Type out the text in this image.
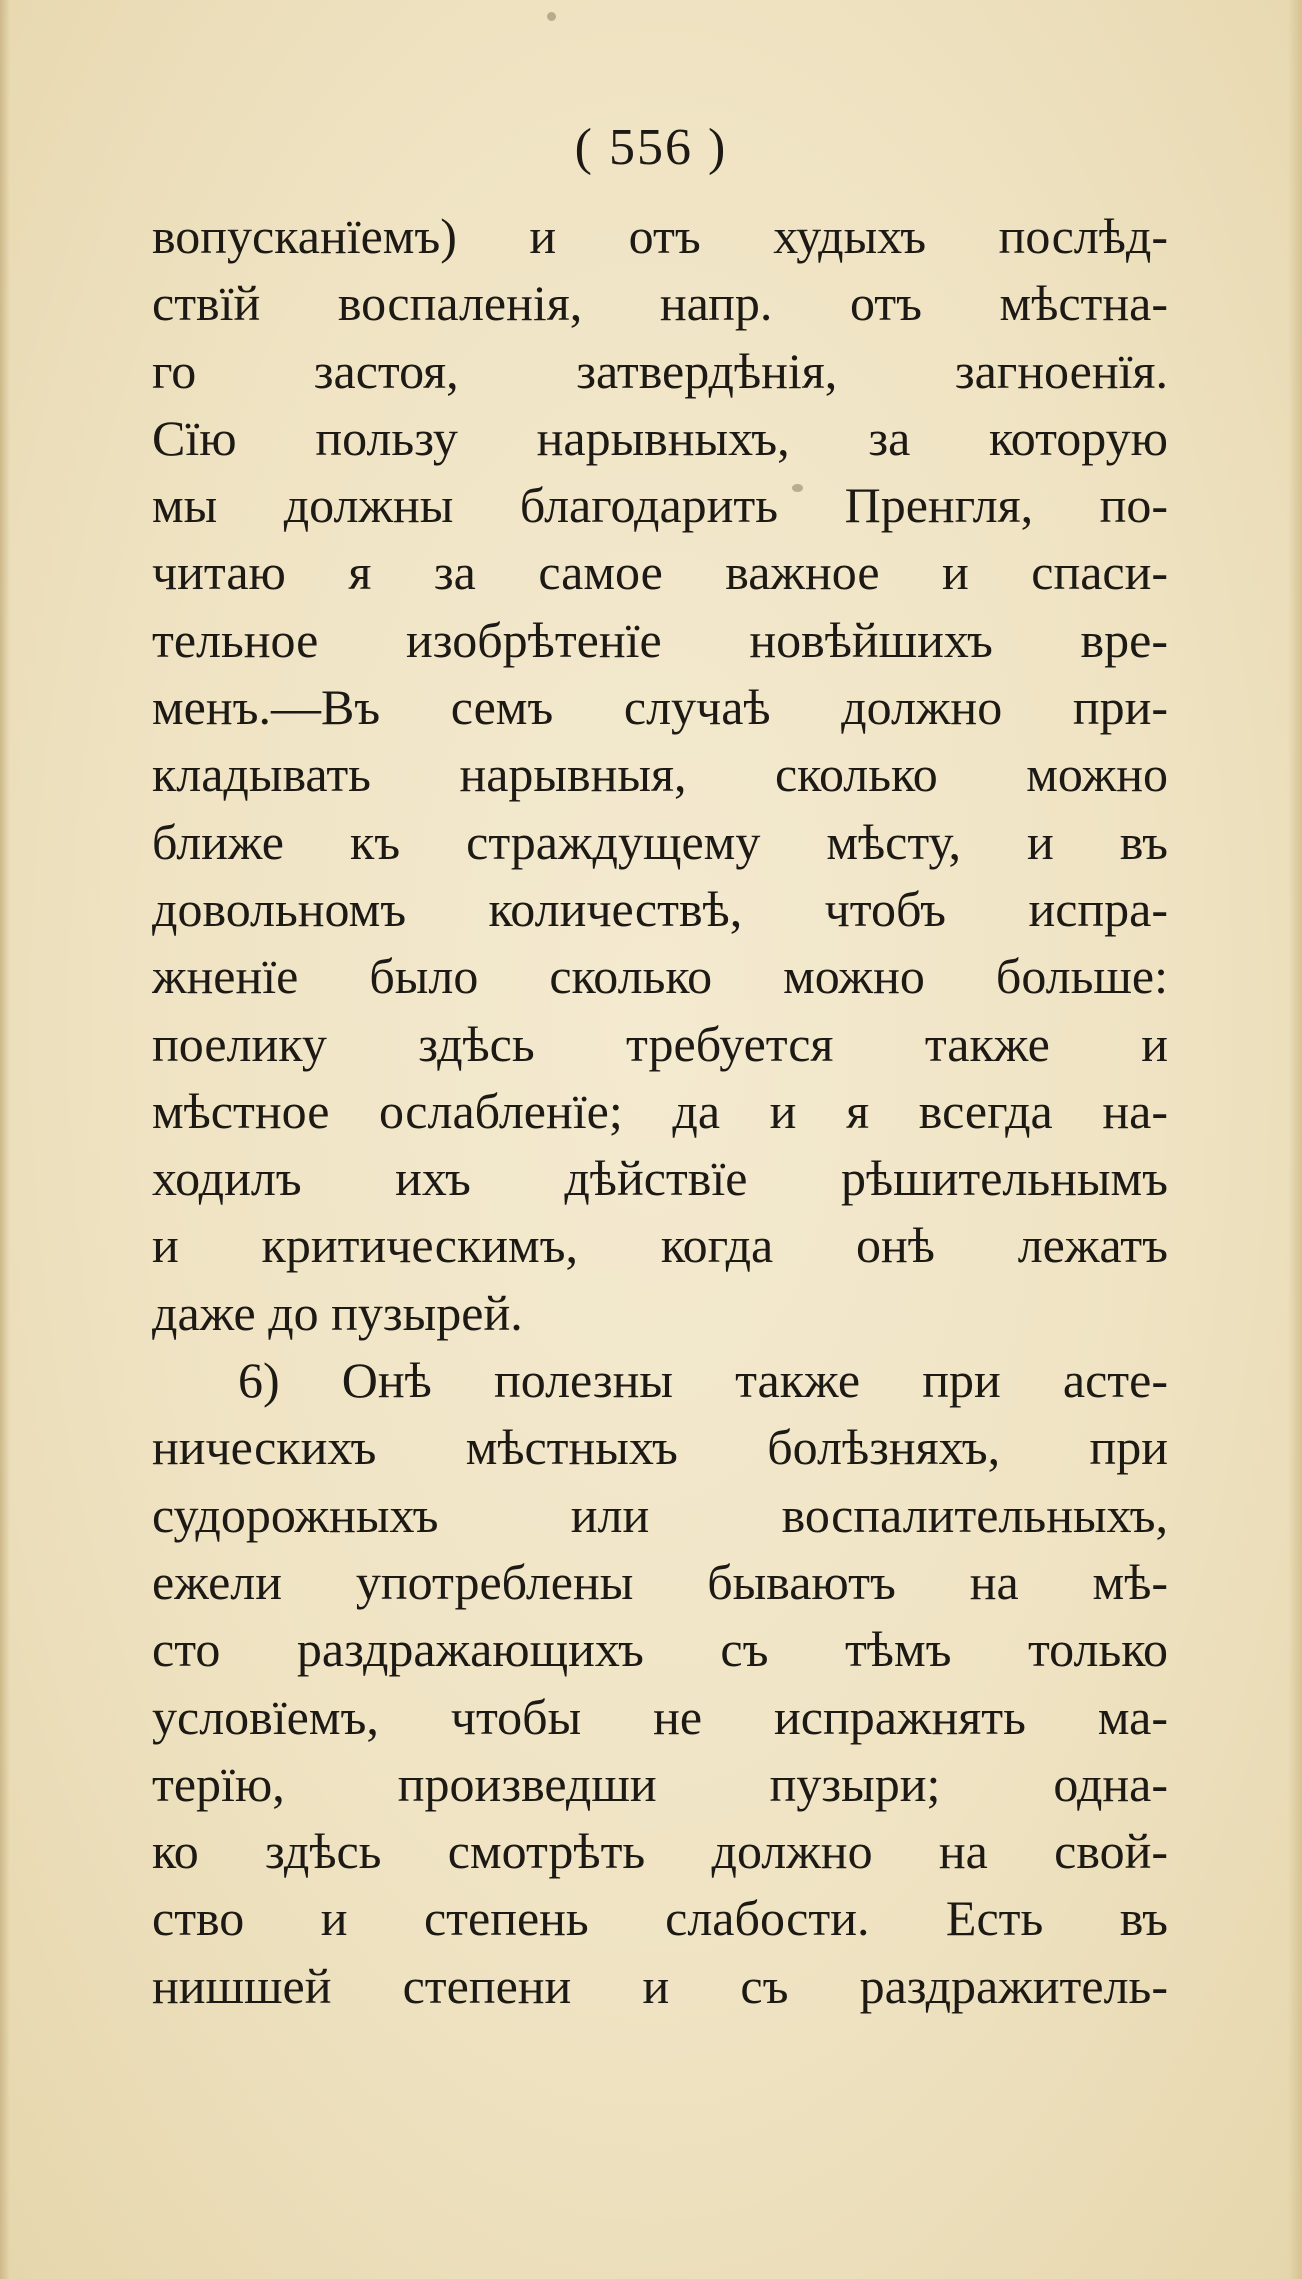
( 556 )
вопусканїемъ) и отъ худыхъ послѣд-
ствїй воспаленія, напр. отъ мѣстна-
го застоя, затвердѣнія, загноенїя.
Сїю пользу нарывныхъ, за которую
мы должны благодарить Пренгля, по-
читаю я за самое важное и спаси-
тельное изобрѣтенїе новѣйшихъ вре-
менъ.—Въ семъ случаѣ должно при-
кладывать нарывныя, сколько можно
ближе къ страждущему мѣсту, и въ
довольномъ количествѣ, чтобъ испра-
жненїе было сколько можно больше:
поелику здѣсь требуется также и
мѣстное ослабленїе; да и я всегда на-
ходилъ ихъ дѣйствїе рѣшительнымъ
и критическимъ, когда онѣ лежатъ
даже до пузырей.
6) Онѣ полезны также при асте-
ническихъ мѣстныхъ болѣзняхъ, при
судорожныхъ или воспалительныхъ,
ежели употреблены бываютъ на мѣ-
сто раздражающихъ съ тѣмъ только
условїемъ, чтобы не испражнять ма-
терїю, произведши пузыри; одна-
ко здѣсь смотрѣть должно на свой-
ство и степень слабости. Есть въ
нишшей степени и съ раздражитель-
